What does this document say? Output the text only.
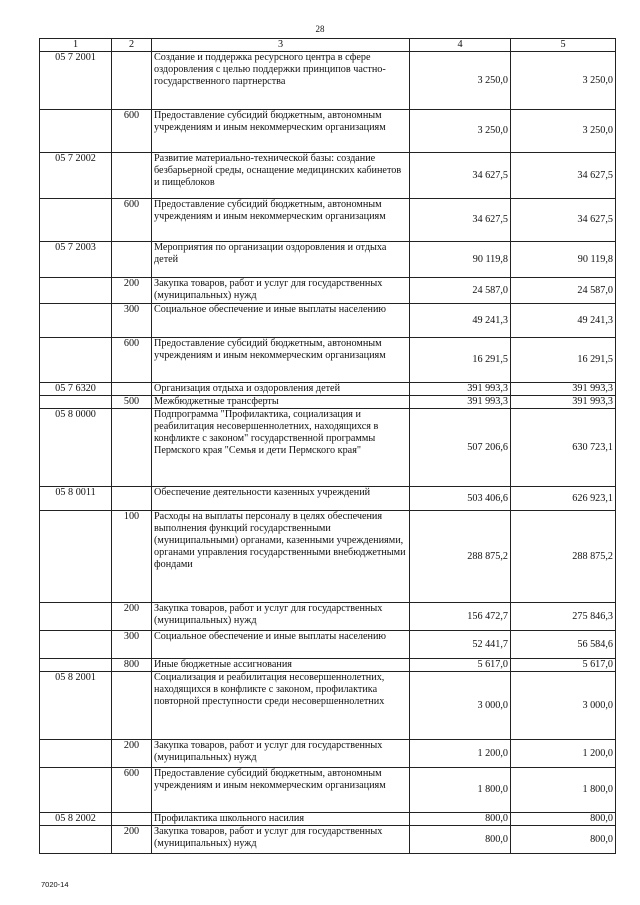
28
1	2	3	4	5
05 7 2001		Создание и поддержка ресурсного центра в сфере оздоровления с целью поддержки принципов частно-государственного партнерства	3 250,0	3 250,0
	600	Предоставление субсидий бюджетным, автономным учреждениям и иным некоммерческим организациям	3 250,0	3 250,0
05 7 2002		Развитие материально-технической базы: создание безбарьерной среды, оснащение медицинских кабинетов и пищеблоков	34 627,5	34 627,5
	600	Предоставление субсидий бюджетным, автономным учреждениям и иным некоммерческим организациям	34 627,5	34 627,5
05 7 2003		Мероприятия по организации оздоровления и отдыха детей	90 119,8	90 119,8
	200	Закупка товаров, работ и услуг для государственных (муниципальных) нужд	24 587,0	24 587,0
	300	Социальное обеспечение и иные выплаты населению	49 241,3	49 241,3
	600	Предоставление субсидий бюджетным, автономным учреждениям и иным некоммерческим организациям	16 291,5	16 291,5
05 7 6320		Организация отдыха и оздоровления детей	391 993,3	391 993,3
	500	Межбюджетные трансферты	391 993,3	391 993,3
05 8 0000		Подпрограмма "Профилактика, социализация и реабилитация несовершеннолетних, находящихся в конфликте с законом" государственной программы Пермского края "Семья и дети Пермского края"	507 206,6	630 723,1
05 8 0011		Обеспечение деятельности казенных учреждений	503 406,6	626 923,1
	100	Расходы на выплаты персоналу в целях обеспечения выполнения функций государственными (муниципальными) органами, казенными учреждениями, органами управления государственными внебюджетными фондами	288 875,2	288 875,2
	200	Закупка товаров, работ и услуг для государственных (муниципальных) нужд	156 472,7	275 846,3
	300	Социальное обеспечение и иные выплаты населению	52 441,7	56 584,6
	800	Иные бюджетные ассигнования	5 617,0	5 617,0
05 8 2001		Социализация и реабилитация несовершеннолетних, находящихся в конфликте с законом, профилактика повторной преступности среди несовершеннолетних	3 000,0	3 000,0
	200	Закупка товаров, работ и услуг для государственных (муниципальных) нужд	1 200,0	1 200,0
	600	Предоставление субсидий бюджетным, автономным учреждениям и иным некоммерческим организациям	1 800,0	1 800,0
05 8 2002		Профилактика школьного насилия	800,0	800,0
	200	Закупка товаров, работ и услуг для государственных (муниципальных) нужд	800,0	800,0
7020-14
